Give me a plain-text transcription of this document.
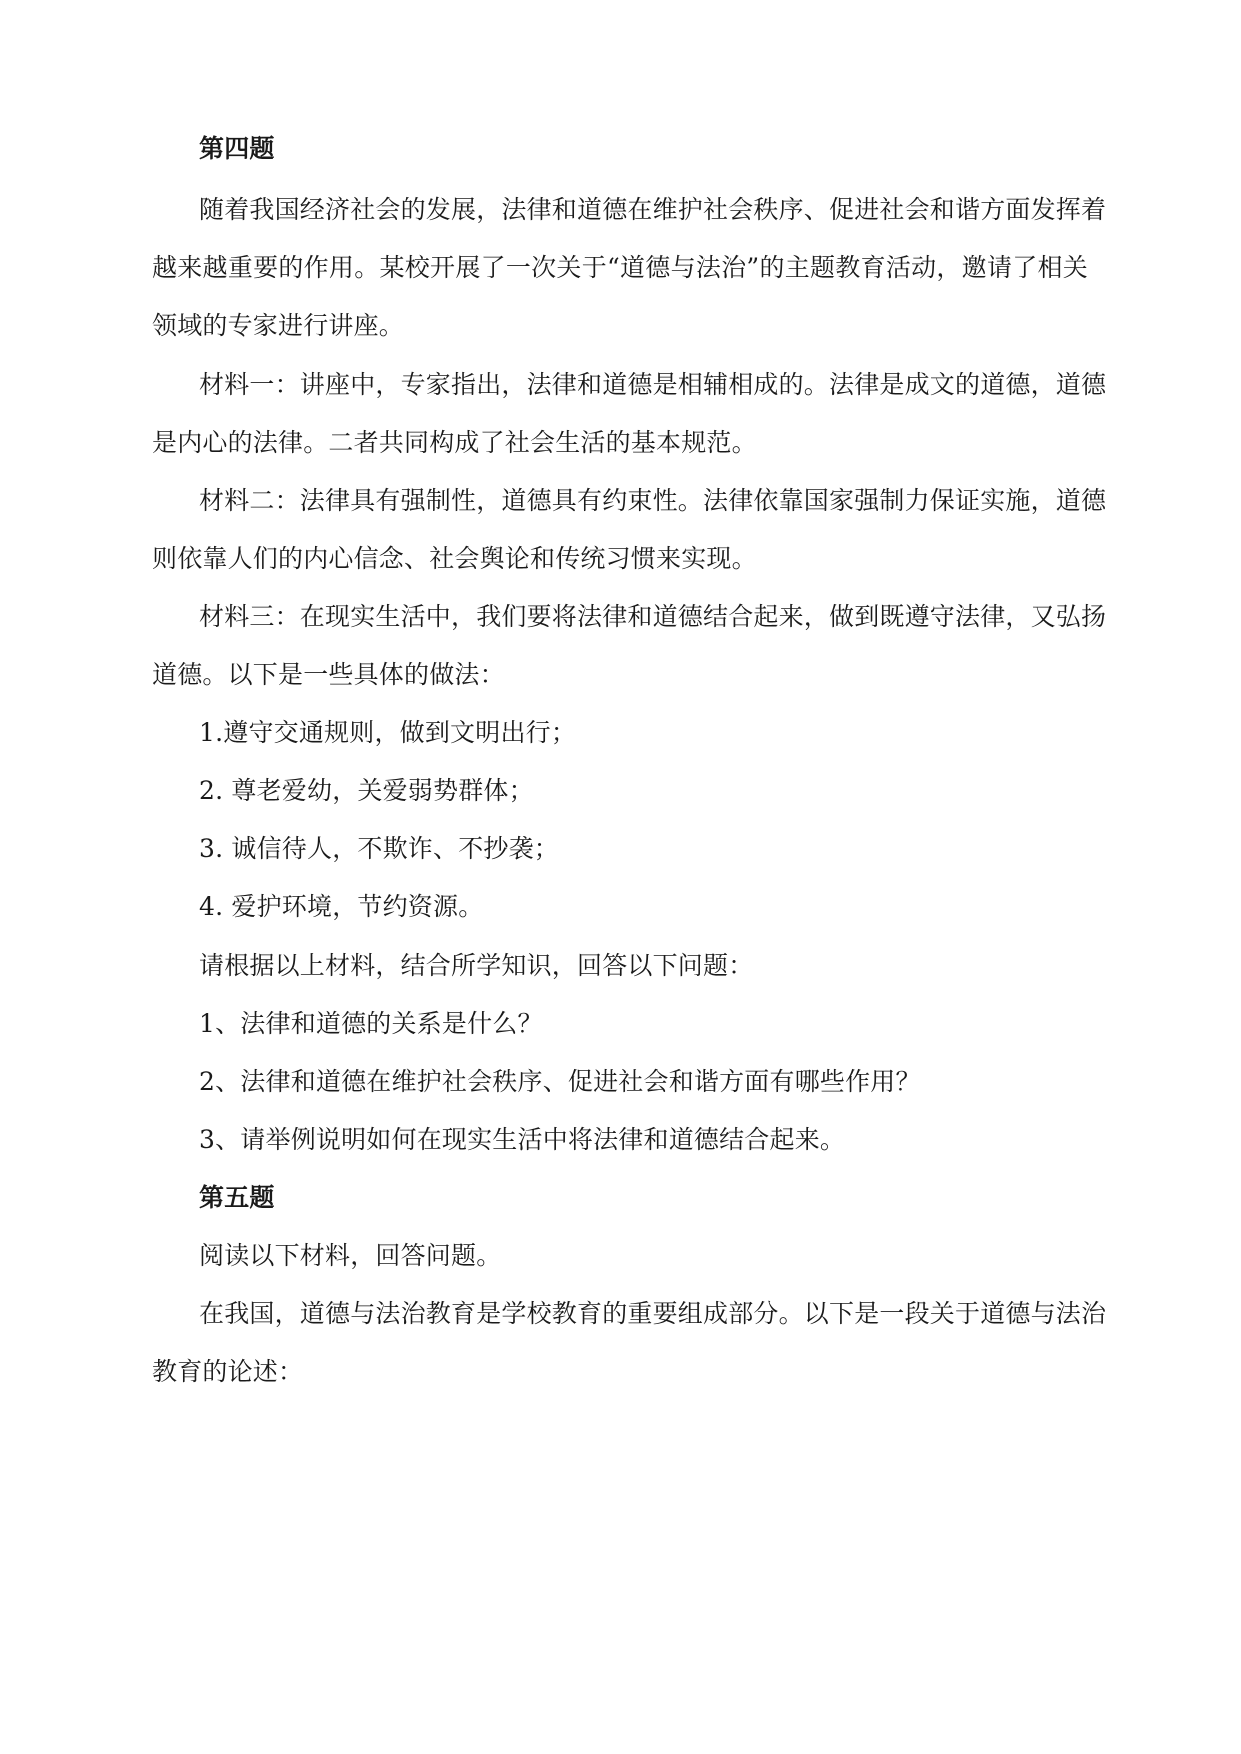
第四题
随着我国经济社会的发展，法律和道德在维护社会秩序、促进社会和谐方面发挥着
越来越重要的作用。某校开展了一次关于“道德与法治”的主题教育活动，邀请了相关
领域的专家进行讲座。
材料一：讲座中，专家指出，法律和道德是相辅相成的。法律是成文的道德，道德
是内心的法律。二者共同构成了社会生活的基本规范。
材料二：法律具有强制性，道德具有约束性。法律依靠国家强制力保证实施，道德
则依靠人们的内心信念、社会舆论和传统习惯来实现。
材料三：在现实生活中，我们要将法律和道德结合起来，做到既遵守法律，又弘扬
道德。以下是一些具体的做法：
1.遵守交通规则，做到文明出行；
2. 尊老爱幼，关爱弱势群体；
3. 诚信待人，不欺诈、不抄袭；
4. 爱护环境，节约资源。
请根据以上材料，结合所学知识，回答以下问题：
1、法律和道德的关系是什么？
2、法律和道德在维护社会秩序、促进社会和谐方面有哪些作用？
3、请举例说明如何在现实生活中将法律和道德结合起来。
第五题
阅读以下材料，回答问题。
在我国，道德与法治教育是学校教育的重要组成部分。以下是一段关于道德与法治
教育的论述：
